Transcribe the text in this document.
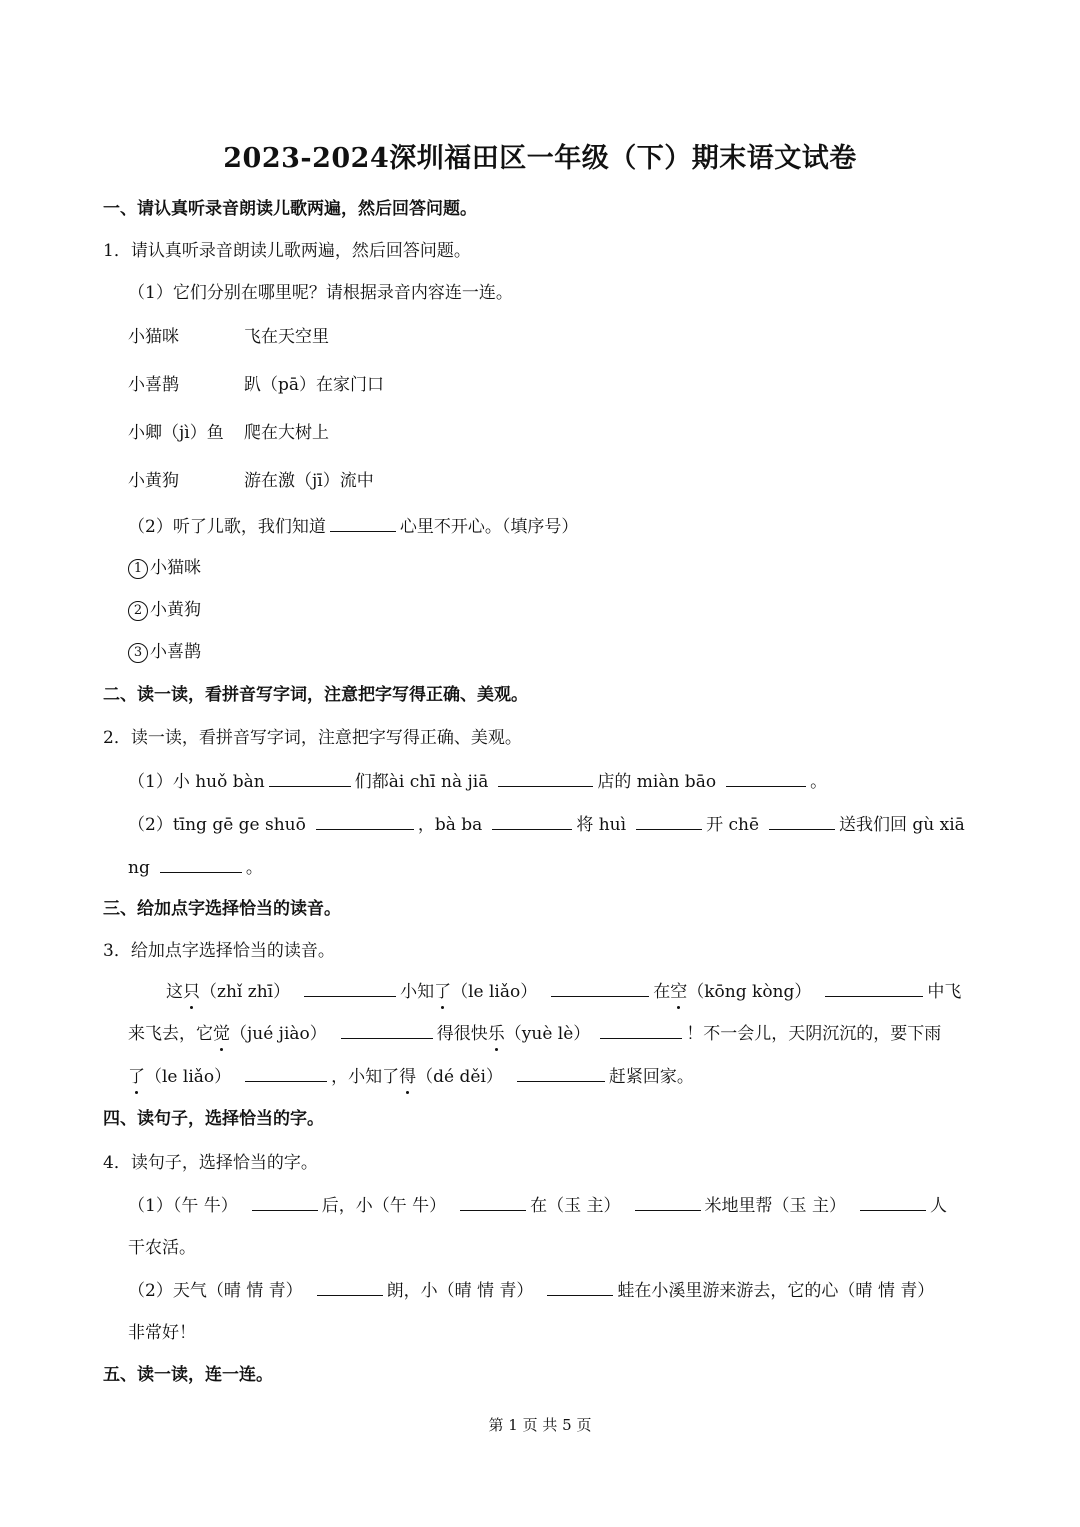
2023-2024深圳福田区一年级（下）期末语文试卷
一、请认真听录音朗读儿歌两遍，然后回答问题。
1．请认真听录音朗读儿歌两遍，然后回答问题。
（1）它们分别在哪里呢？请根据录音内容连一连。
小猫咪	飞在天空里
小喜鹊	趴（pā）在家门口
小卿（jì）鱼 爬在大树上
小黄狗	游在激（jī）流中
（2）听了儿歌，我们知道	心里不开心。（填序号）
1 小猫咪
2 小黄狗
3 小喜鹊
二、读一读，看拼音写字词，注意把字写得正确、美观。
2．读一读，看拼音写字词，注意把字写得正确、美观。
（1）小 huǒ bàn	们都ài chī nà jiā	店的 miàn bāo	。
（2）tīng gē ge shuō	，bà ba	将 huì	开 chē	送我们回 gù xiā
ng	。
三、给加点字选择恰当的读音。
3．给加点字选择恰当的读音。
这只（zhǐ zhī）	小知了（le liǎo）	在空（kōng kòng）	中飞
来飞去，它觉（jué jiào）	得很快乐（yuè lè）	！不一会儿，天阴沉沉的，要下雨
了（le liǎo）	，小知了得（dé děi）	赶紧回家。
四、读句子，选择恰当的字。
4．读句子，选择恰当的字。
（1）（午 牛）	后，小（午 牛）	在（玉 主）	米地里帮（玉 主）	人
干农活。
（2）天气（晴 情 青）	朗，小（晴 情 青）	蛙在小溪里游来游去，它的心（晴 情 青）
非常好！
五、读一读，连一连。
第 1 页 共 5 页
